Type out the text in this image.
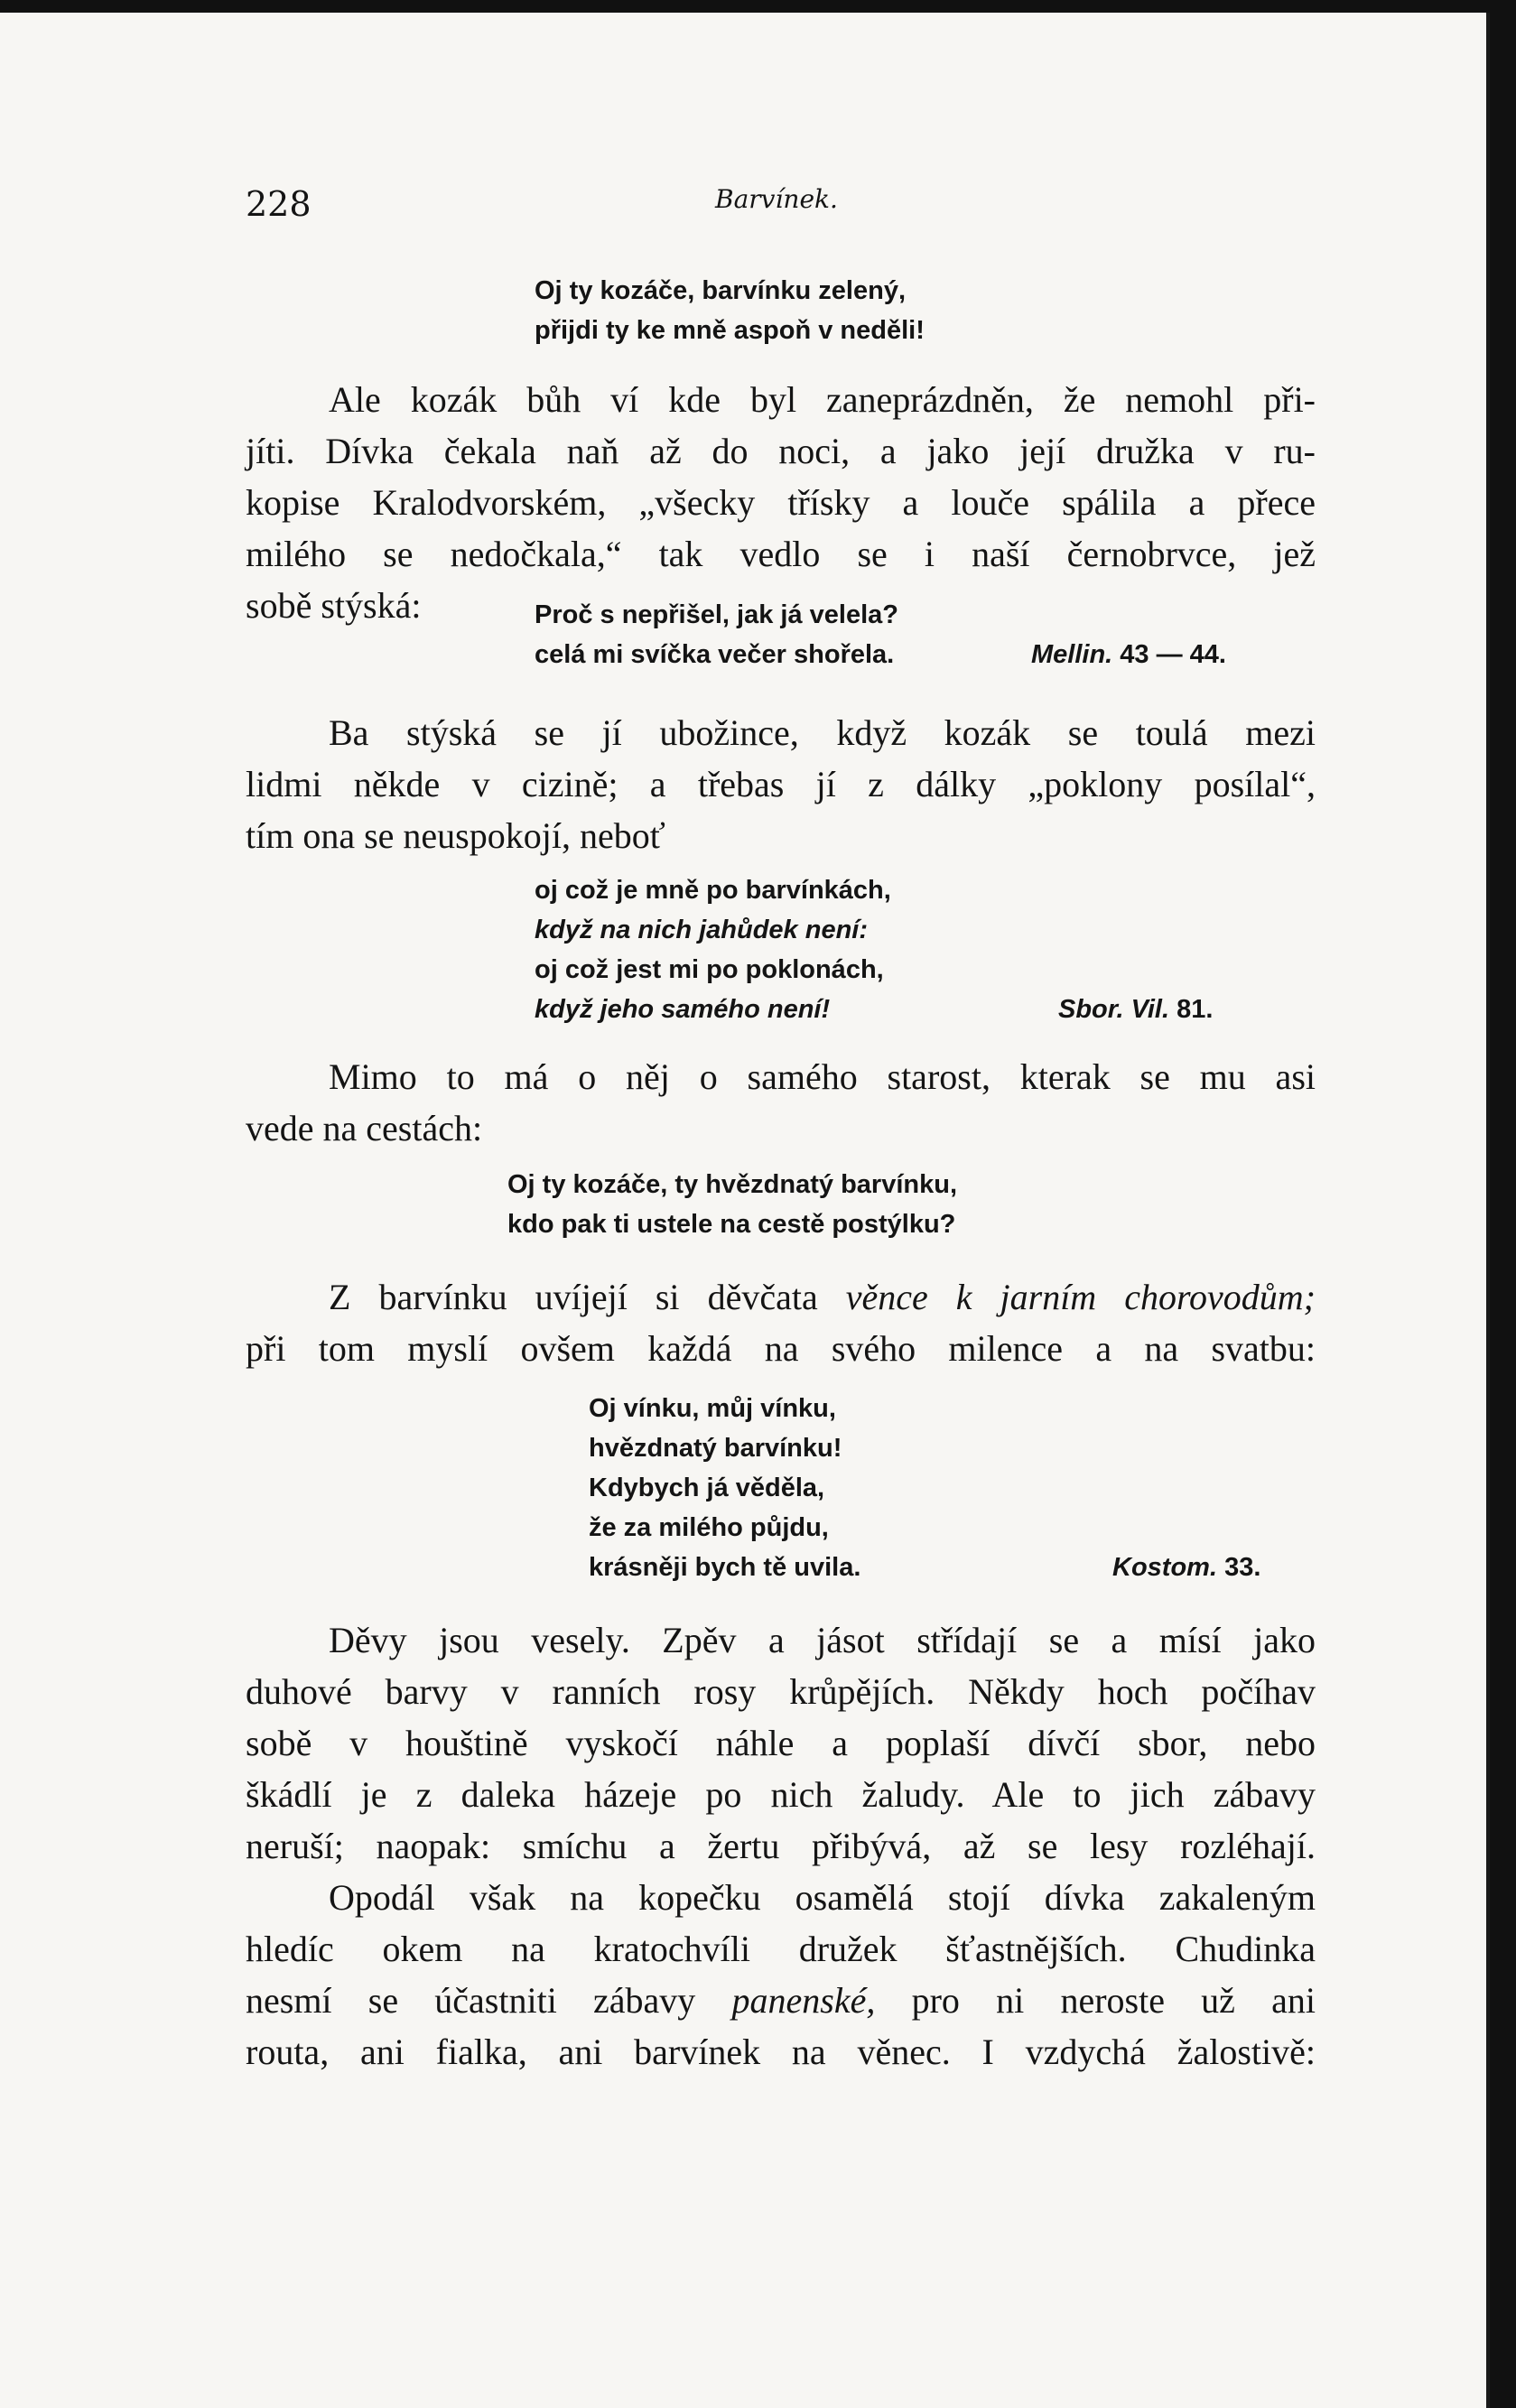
228	Barvínek.
Oj ty kozáče, barvínku zelený,
přijdi ty ke mně aspoň v neděli!
Ale kozák bůh ví kde byl zaneprázdněn, že nemohl při-
jíti. Dívka čekala naň až do noci, a jako její družka v ru-
kopise Kralodvorském, „všecky třísky a louče spálila a přece
milého se nedočkala,“ tak vedlo se i naší černobrvce, jež
sobě stýská:	Proč s nepřišel, jak já velela?
celá mi svíčka večer shořela.	Mellin. 43 — 44.
Ba stýská se jí ubožince, když kozák se toulá mezi
lidmi někde v cizině; a třebas jí z dálky „poklony posílal“,
tím ona se neuspokojí, neboť
oj což je mně po barvínkách,
když na nich jahůdek není:
oj což jest mi po poklonách,
když jeho samého není!	Sbor. Vil. 81.
Mimo to má o něj o samého starost, kterak se mu asi
vede na cestách:
Oj ty kozáče, ty hvězdnatý barvínku,
kdo pak ti ustele na cestě postýlku?
Z barvínku uvíjejí si děvčata věnce k jarním chorovodům;
při tom myslí ovšem každá na svého milence a na svatbu:
Oj vínku, můj vínku,
hvězdnatý barvínku!
Kdybych já věděla,
že za milého půjdu,
krásněji bych tě uvila.	Kostom. 33.
Děvy jsou vesely. Zpěv a jásot střídají se a mísí jako
duhové barvy v ranních rosy krůpějích. Někdy hoch počíhav
sobě v houštině vyskočí náhle a poplaší dívčí sbor, nebo
škádlí je z daleka házeje po nich žaludy. Ale to jich zábavy
neruší; naopak: smíchu a žertu přibývá, až se lesy rozléhají.
Opodál však na kopečku osamělá stojí dívka zakaleným
hledíc okem na kratochvíli družek šťastnějších. Chudinka
nesmí se účastniti zábavy panenské, pro ni neroste už ani
routa, ani fialka, ani barvínek na věnec. I vzdychá žalostivě:
